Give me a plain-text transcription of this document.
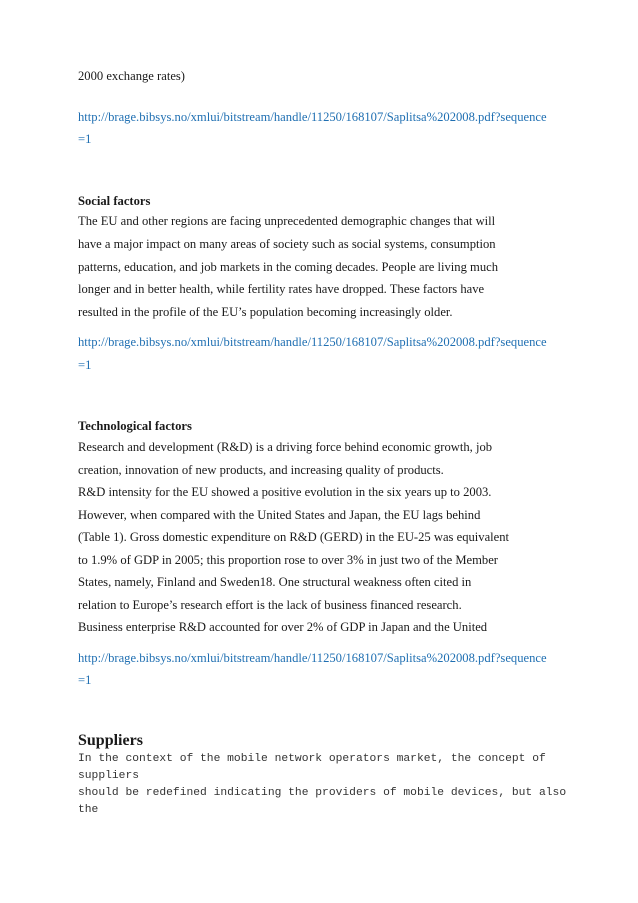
2000 exchange rates)

http://brage.bibsys.no/xmlui/bitstream/handle/11250/168107/Saplitsa%202008.pdf?sequence

=1

Social factors

The EU and other regions are facing unprecedented demographic changes that will

have a major impact on many areas of society such as social systems, consumption

patterns, education, and job markets in the coming decades. People are living much

longer and in better health, while fertility rates have dropped. These factors have

resulted in the profile of the EU’s population becoming increasingly older.

http://brage.bibsys.no/xmlui/bitstream/handle/11250/168107/Saplitsa%202008.pdf?sequence

=1

Technological factors

Research and development (R&D) is a driving force behind economic growth, job

creation, innovation of new products, and increasing quality of products.

R&D intensity for the EU showed a positive evolution in the six years up to 2003.

However, when compared with the United States and Japan, the EU lags behind

(Table 1). Gross domestic expenditure on R&D (GERD) in the EU-25 was equivalent

to 1.9% of GDP in 2005; this proportion rose to over 3% in just two of the Member

States, namely, Finland and Sweden18. One structural weakness often cited in

relation to Europe’s research effort is the lack of business financed research.

Business enterprise R&D accounted for over 2% of GDP in Japan and the United

http://brage.bibsys.no/xmlui/bitstream/handle/11250/168107/Saplitsa%202008.pdf?sequence

=1

Suppliers

In the context of the mobile network operators market, the concept of

suppliers

should be redefined indicating the providers of mobile devices, but also

the
